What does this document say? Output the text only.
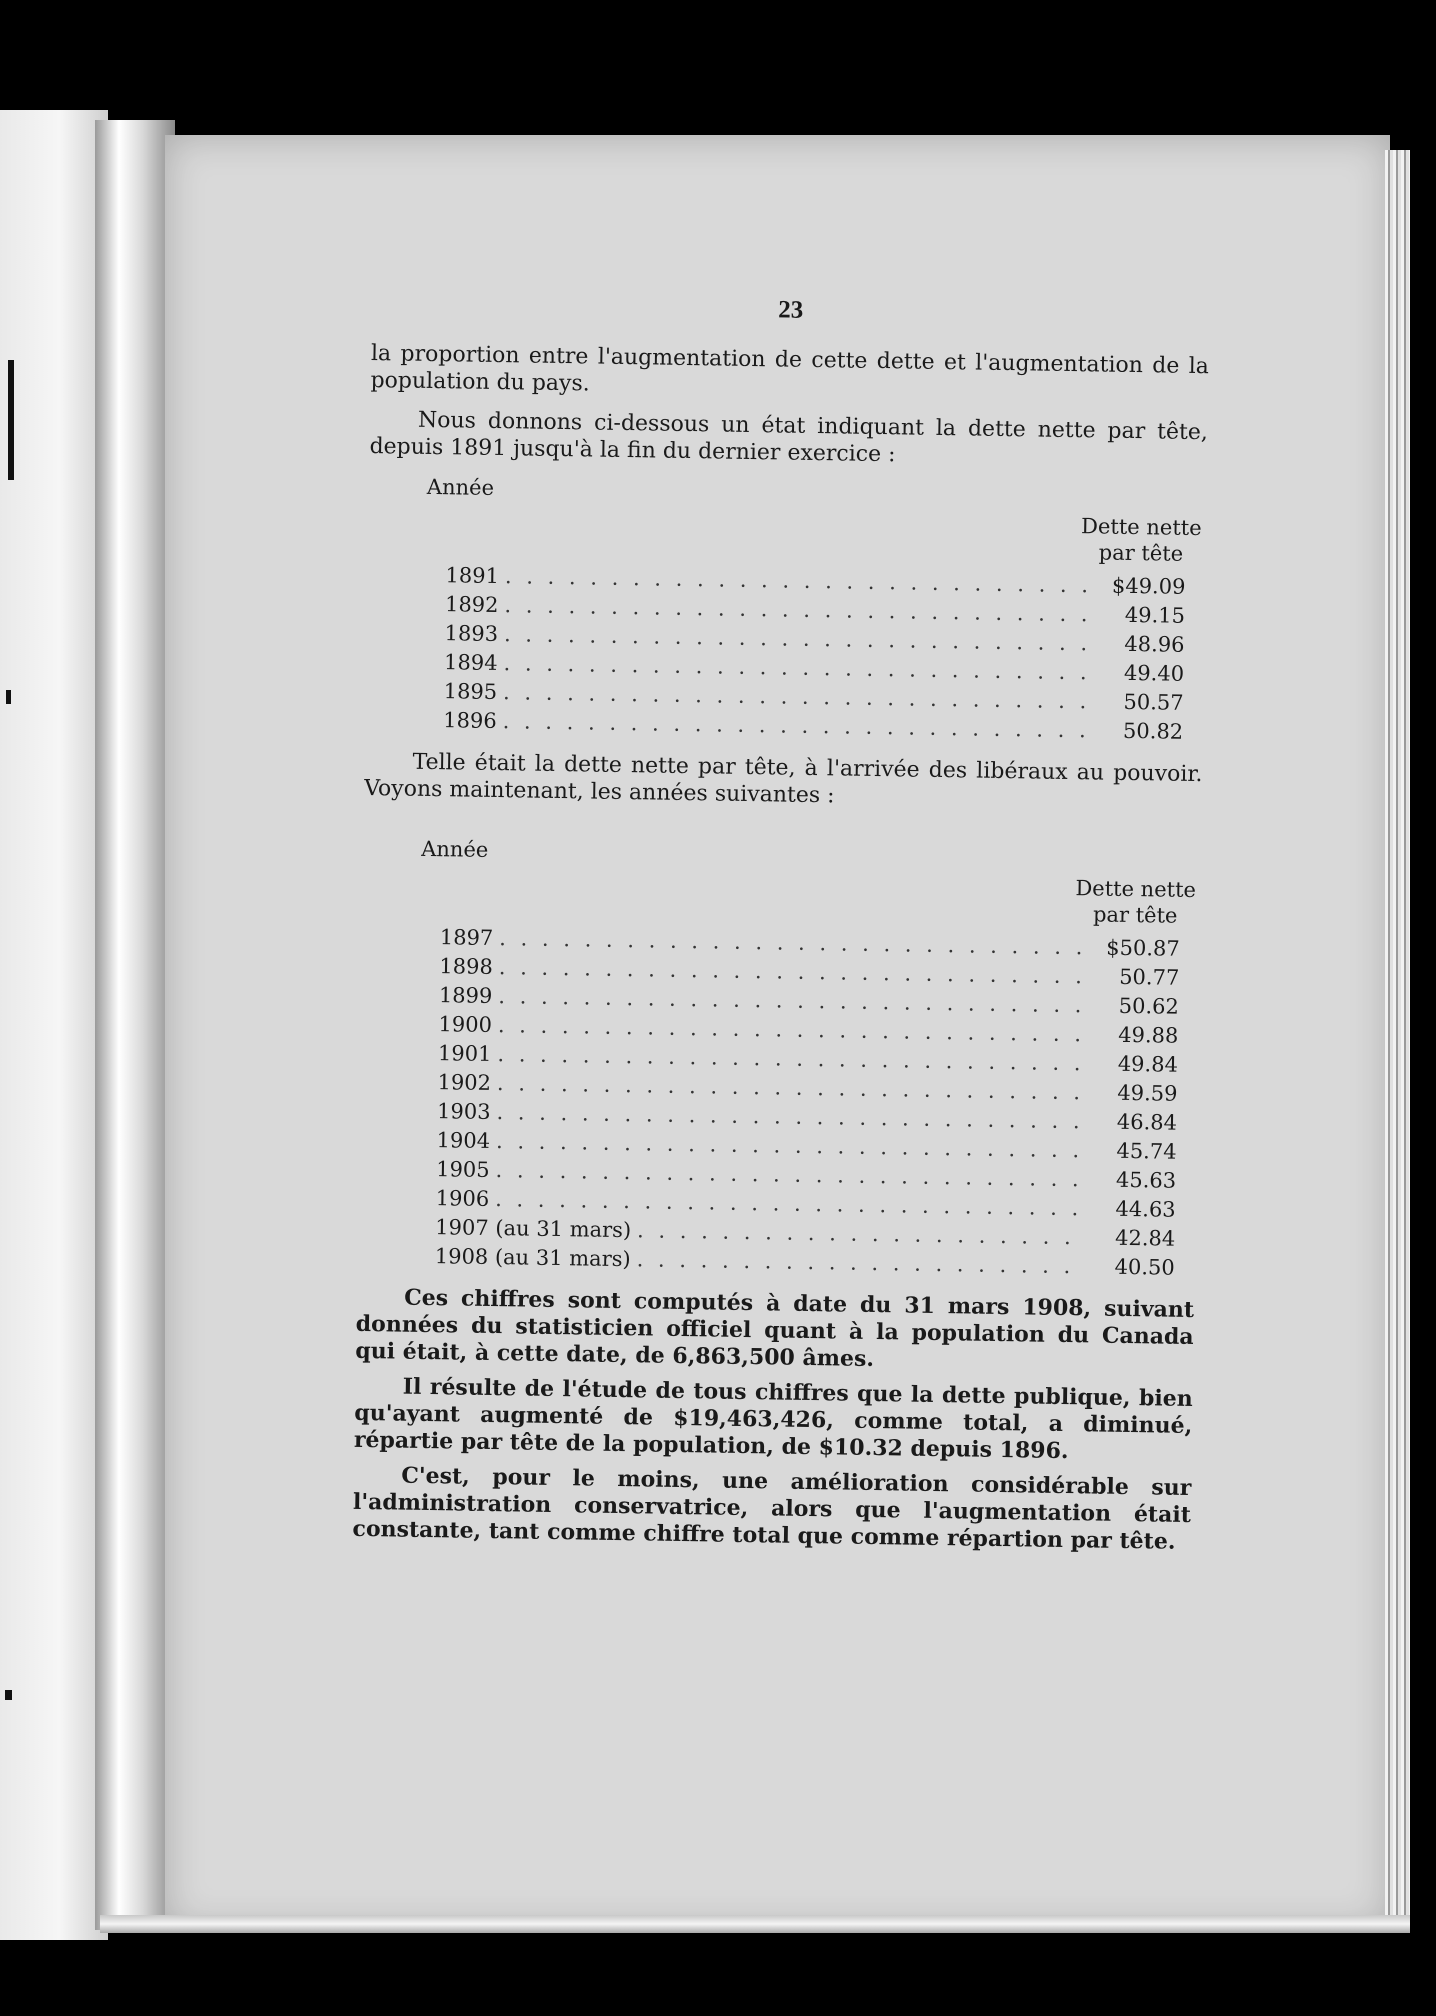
23

la proportion entre l'augmentation de cette dette et l'augmentation de la population du pays.

Nous donnons ci-dessous un état indiquant la dette nette par tête, depuis 1891 jusqu'à la fin du dernier exercice :

Année
Dette nette
par tête
1891 . . .	$49.09
1892 . . .	49.15
1893 . . .	48.96
1894 . . .	49.40
1895 . . .	50.57
1896 . . .	50.82

Telle était la dette nette par tête, à l'arrivée des libéraux au pouvoir. Voyons maintenant, les années suivantes :

Année
Dette nette
par tête
1897 . . .	$50.87
1898 . . .	50.77
1899 . . .	50.62
1900 . . .	49.88
1901 . . .	49.84
1902 . . .	49.59
1903 . . .	46.84
1904 . . .	45.74
1905 . . .	45.63
1906 . . .	44.63
1907 (au 31 mars) . . .	42.84
1908 (au 31 mars) . . .	40.50

Ces chiffres sont computés à date du 31 mars 1908, suivant données du statisticien officiel quant à la population du Canada qui était, à cette date, de 6,863,500 âmes.

Il résulte de l'étude de tous chiffres que la dette publique, bien qu'ayant augmenté de $19,463,426, comme total, a diminué, répartie par tête de la population, de $10.32 depuis 1896.

C'est, pour le moins, une amélioration considérable sur l'administration conservatrice, alors que l'augmentation était constante, tant comme chiffre total que comme répartion par tête.
